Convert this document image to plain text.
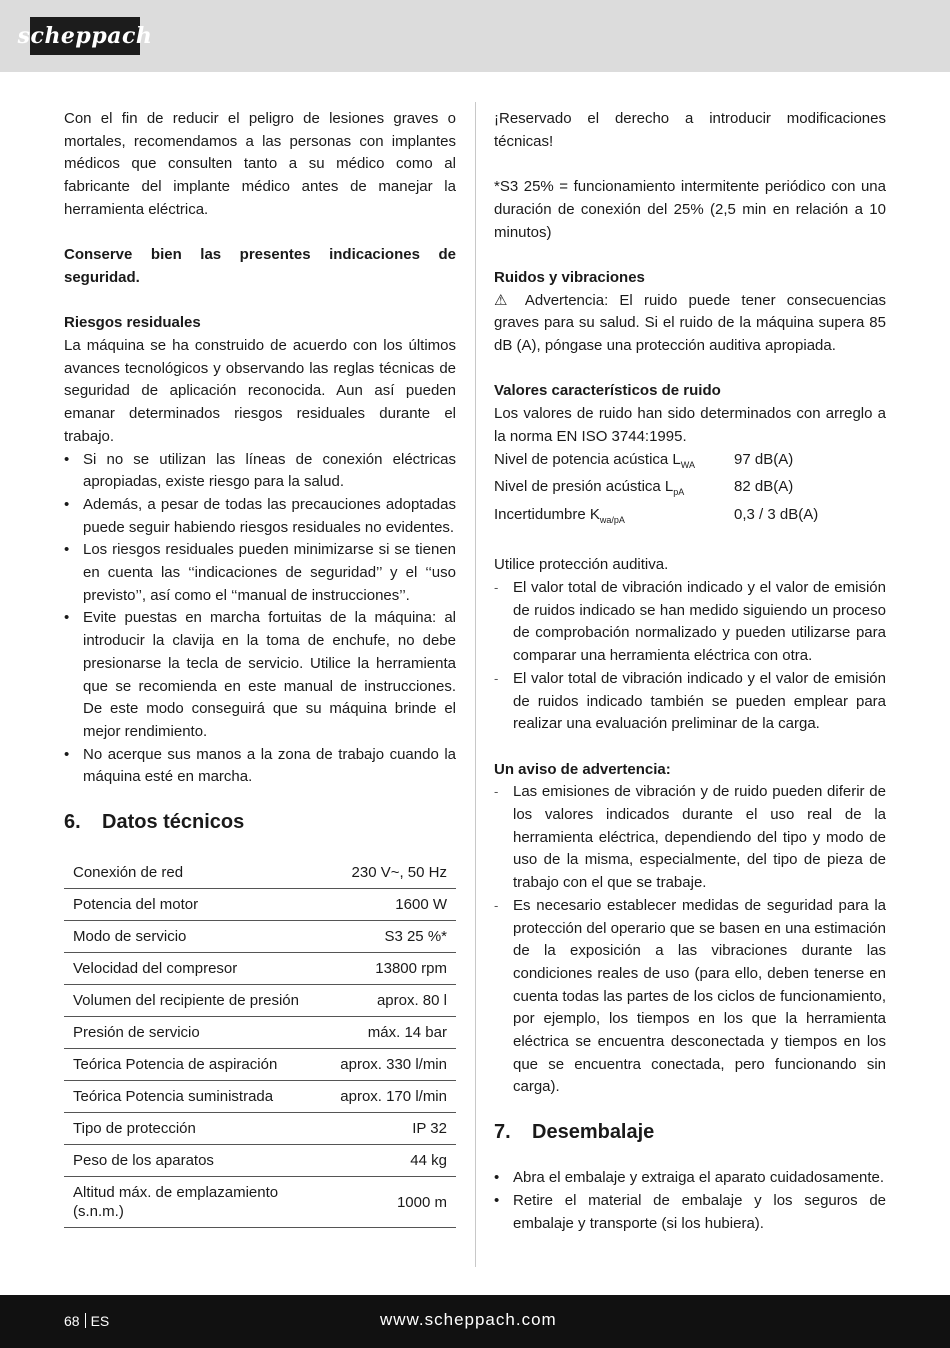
scheppach

Con el fin de reducir el peligro de lesiones graves o mortales, recomendamos a las personas con implantes médicos que consulten tanto a su médico como al fabricante del implante médico antes de manejar la herramienta eléctrica.

Conserve bien las presentes indicaciones de seguridad.

Riesgos residuales

La máquina se ha construido de acuerdo con los últimos avances tecnológicos y observando las reglas técnicas de seguridad de aplicación reconocida. Aun así pueden emanar determinados riesgos residuales durante el trabajo.

• Si no se utilizan las líneas de conexión eléctricas apropiadas, existe riesgo para la salud.
• Además, a pesar de todas las precauciones adoptadas puede seguir habiendo riesgos residuales no evidentes.
• Los riesgos residuales pueden minimizarse si se tienen en cuenta las ‘‘indicaciones de seguridad’’ y el ‘‘uso previsto’’, así como el ‘‘manual de instrucciones’’.
• Evite puestas en marcha fortuitas de la máquina: al introducir la clavija en la toma de enchufe, no debe presionarse la tecla de servicio. Utilice la herramienta que se recomienda en este manual de instrucciones. De este modo conseguirá que su máquina brinde el mejor rendimiento.
• No acerque sus manos a la zona de trabajo cuando la máquina esté en marcha.
6.	Datos técnicos
Conexión de red	230 V~, 50 Hz
Potencia del motor	1600 W
Modo de servicio	S3 25 %*
Velocidad del compresor	13800 rpm
Volumen del recipiente de presión	aprox. 80 l
Presión de servicio	máx. 14 bar
Teórica Potencia de aspiración	aprox. 330 l/min
Teórica Potencia suministrada	aprox. 170 l/min
Tipo de protección	IP 32
Peso de los aparatos	44 kg
Altitud máx. de emplazamiento (s.n.m.)	1000 m

¡Reservado el derecho a introducir modificaciones técnicas!

*S3 25% = funcionamiento intermitente periódico con una duración de conexión del 25% (2,5 min en relación a 10 minutos)

Ruidos y vibraciones

⚠ Advertencia: El ruido puede tener consecuencias graves para su salud. Si el ruido de la máquina supera 85 dB (A), póngase una protección auditiva apropiada.

Valores característicos de ruido

Los valores de ruido han sido determinados con arreglo a la norma EN ISO 3744:1995.

Nivel de potencia acústica $L_{WA}$	97 dB(A)
Nivel de presión acústica $L_{pA}$	82 dB(A)
Incertidumbre $K_{wa/pA}$	0,3 / 3 dB(A)

Utilice protección auditiva.

- El valor total de vibración indicado y el valor de emisión de ruidos indicado se han medido siguiendo un proceso de comprobación normalizado y pueden utilizarse para comparar una herramienta eléctrica con otra.
- El valor total de vibración indicado y el valor de emisión de ruidos indicado también se pueden emplear para realizar una evaluación preliminar de la carga.

Un aviso de advertencia:

- Las emisiones de vibración y de ruido pueden diferir de los valores indicados durante el uso real de la herramienta eléctrica, dependiendo del tipo y modo de uso de la misma, especialmente, del tipo de pieza de trabajo con el que se trabaje.
- Es necesario establecer medidas de seguridad para la protección del operario que se basen en una estimación de la exposición a las vibraciones durante las condiciones reales de uso (para ello, deben tenerse en cuenta todas las partes de los ciclos de funcionamiento, por ejemplo, los tiempos en los que la herramienta eléctrica se encuentra desconectada y tiempos en los que se encuentra conectada, pero funcionando sin carga).
7.	Desembalaje
• Abra el embalaje y extraiga el aparato cuidadosamente.
• Retire el material de embalaje y los seguros de embalaje y transporte (si los hubiera).
68 ES	www.scheppach.com
